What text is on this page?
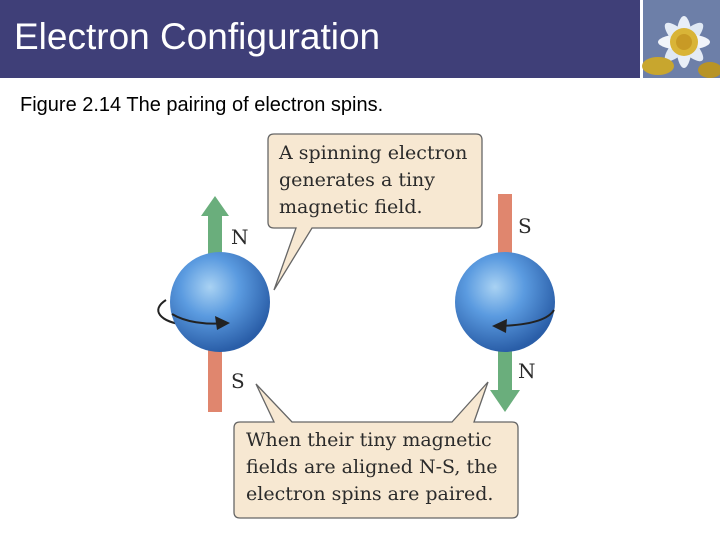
Electron Configuration
Figure 2.14 The pairing of electron spins.
A spinning electron
generates a tiny
magnetic field.
N
S
S
N
When their tiny magnetic
fields are aligned N-S, the
electron spins are paired.
